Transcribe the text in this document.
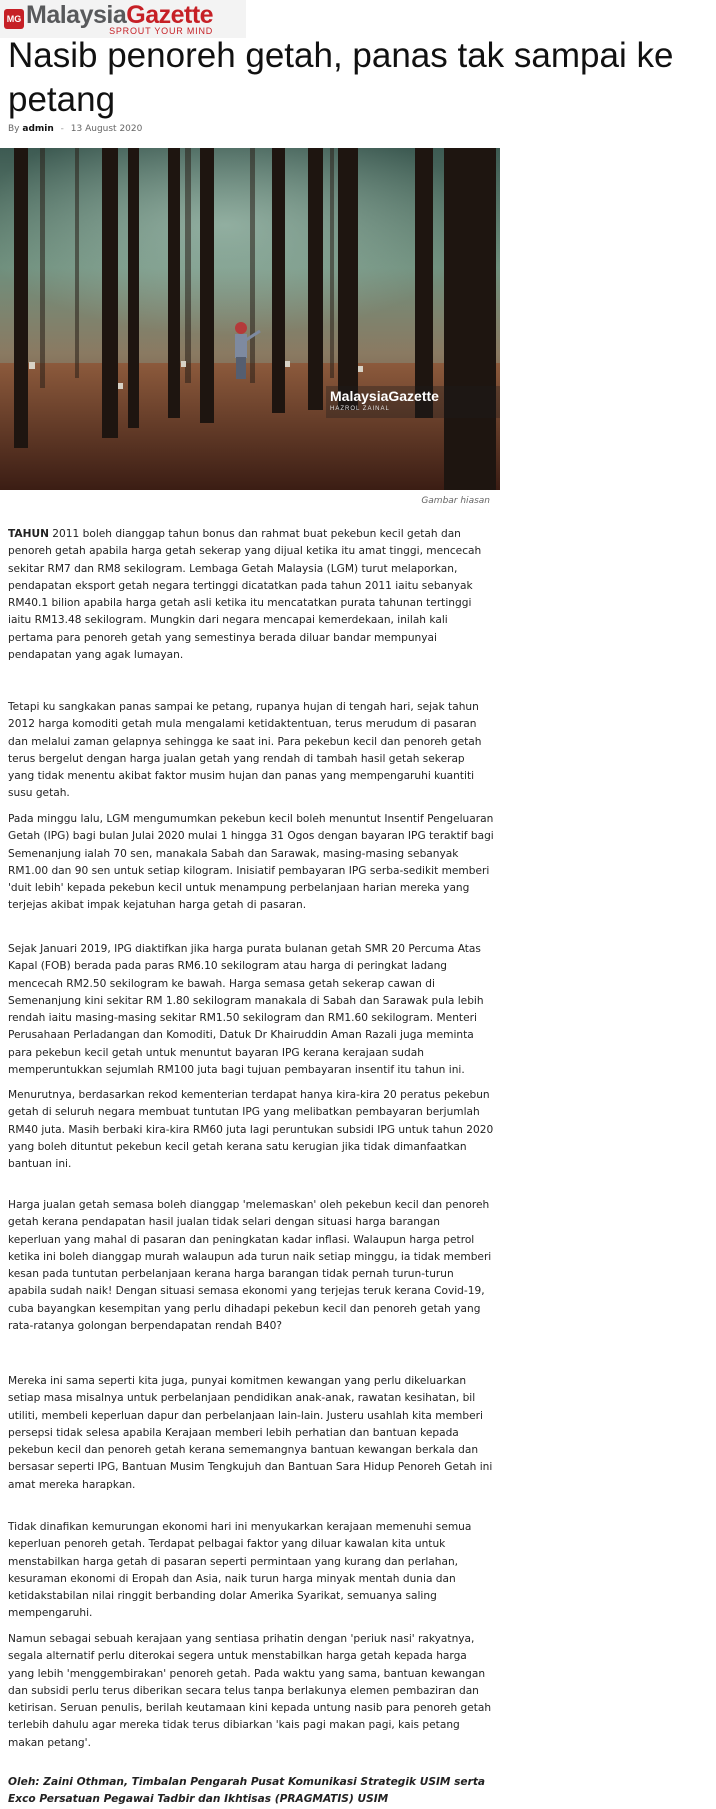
MG MalaysiaGazette
SPROUT YOUR MIND
Nasib penoreh getah, panas tak sampai ke petang
By admin - 13 August 2020
MalaysiaGazette
HAZROL ZAINAL
Gambar hiasan

TAHUN 2011 boleh dianggap tahun bonus dan rahmat buat pekebun kecil getah dan penoreh getah apabila harga getah sekerap yang dijual ketika itu amat tinggi, mencecah sekitar RM7 dan RM8 sekilogram. Lembaga Getah Malaysia (LGM) turut melaporkan, pendapatan eksport getah negara tertinggi dicatatkan pada tahun 2011 iaitu sebanyak RM40.1 bilion apabila harga getah asli ketika itu mencatatkan purata tahunan tertinggi iaitu RM13.48 sekilogram. Mungkin dari negara mencapai kemerdekaan, inilah kali pertama para penoreh getah yang semestinya berada diluar bandar mempunyai pendapatan yang agak lumayan.

Tetapi ku sangkakan panas sampai ke petang, rupanya hujan di tengah hari, sejak tahun 2012 harga komoditi getah mula mengalami ketidaktentuan, terus merudum di pasaran dan melalui zaman gelapnya sehingga ke saat ini. Para pekebun kecil dan penoreh getah terus bergelut dengan harga jualan getah yang rendah di tambah hasil getah sekerap yang tidak menentu akibat faktor musim hujan dan panas yang mempengaruhi kuantiti susu getah.

Pada minggu lalu, LGM mengumumkan pekebun kecil boleh menuntut Insentif Pengeluaran Getah (IPG) bagi bulan Julai 2020 mulai 1 hingga 31 Ogos dengan bayaran IPG teraktif bagi Semenanjung ialah 70 sen, manakala Sabah dan Sarawak, masing-masing sebanyak RM1.00 dan 90 sen untuk setiap kilogram. Inisiatif pembayaran IPG serba-sedikit memberi 'duit lebih' kepada pekebun kecil untuk menampung perbelanjaan harian mereka yang terjejas akibat impak kejatuhan harga getah di pasaran.

Sejak Januari 2019, IPG diaktifkan jika harga purata bulanan getah SMR 20 Percuma Atas Kapal (FOB) berada pada paras RM6.10 sekilogram atau harga di peringkat ladang mencecah RM2.50 sekilogram ke bawah. Harga semasa getah sekerap cawan di Semenanjung kini sekitar RM 1.80 sekilogram manakala di Sabah dan Sarawak pula lebih rendah iaitu masing-masing sekitar RM1.50 sekilogram dan RM1.60 sekilogram. Menteri Perusahaan Perladangan dan Komoditi, Datuk Dr Khairuddin Aman Razali juga meminta para pekebun kecil getah untuk menuntut bayaran IPG kerana kerajaan sudah memperuntukkan sejumlah RM100 juta bagi tujuan pembayaran insentif itu tahun ini.

Menurutnya, berdasarkan rekod kementerian terdapat hanya kira-kira 20 peratus pekebun getah di seluruh negara membuat tuntutan IPG yang melibatkan pembayaran berjumlah RM40 juta. Masih berbaki kira-kira RM60 juta lagi peruntukan subsidi IPG untuk tahun 2020 yang boleh dituntut pekebun kecil getah kerana satu kerugian jika tidak dimanfaatkan bantuan ini.

Harga jualan getah semasa boleh dianggap 'melemaskan' oleh pekebun kecil dan penoreh getah kerana pendapatan hasil jualan tidak selari dengan situasi harga barangan keperluan yang mahal di pasaran dan peningkatan kadar inflasi. Walaupun harga petrol ketika ini boleh dianggap murah walaupun ada turun naik setiap minggu, ia tidak memberi kesan pada tuntutan perbelanjaan kerana harga barangan tidak pernah turun-turun apabila sudah naik! Dengan situasi semasa ekonomi yang terjejas teruk kerana Covid-19, cuba bayangkan kesempitan yang perlu dihadapi pekebun kecil dan penoreh getah yang rata-ratanya golongan berpendapatan rendah B40?

Mereka ini sama seperti kita juga, punyai komitmen kewangan yang perlu dikeluarkan setiap masa misalnya untuk perbelanjaan pendidikan anak-anak, rawatan kesihatan, bil utiliti, membeli keperluan dapur dan perbelanjaan lain-lain. Justeru usahlah kita memberi persepsi tidak selesa apabila Kerajaan memberi lebih perhatian dan bantuan kepada pekebun kecil dan penoreh getah kerana sememangnya bantuan kewangan berkala dan bersasar seperti IPG, Bantuan Musim Tengkujuh dan Bantuan Sara Hidup Penoreh Getah ini amat mereka harapkan.

Tidak dinafikan kemurungan ekonomi hari ini menyukarkan kerajaan memenuhi semua keperluan penoreh getah. Terdapat pelbagai faktor yang diluar kawalan kita untuk menstabilkan harga getah di pasaran seperti permintaan yang kurang dan perlahan, kesuraman ekonomi di Eropah dan Asia, naik turun harga minyak mentah dunia dan ketidakstabilan nilai ringgit berbanding dolar Amerika Syarikat, semuanya saling mempengaruhi.

Namun sebagai sebuah kerajaan yang sentiasa prihatin dengan 'periuk nasi' rakyatnya, segala alternatif perlu diterokai segera untuk menstabilkan harga getah kepada harga yang lebih 'menggembirakan' penoreh getah. Pada waktu yang sama, bantuan kewangan dan subsidi perlu terus diberikan secara telus tanpa berlakunya elemen pembaziran dan ketirisan. Seruan penulis, berilah keutamaan kini kepada untung nasib para penoreh getah terlebih dahulu agar mereka tidak terus dibiarkan 'kais pagi makan pagi, kais petang makan petang'.

Oleh: Zaini Othman, Timbalan Pengarah Pusat Komunikasi Strategik USIM serta Exco Persatuan Pegawai Tadbir dan Ikhtisas (PRAGMATIS) USIM
